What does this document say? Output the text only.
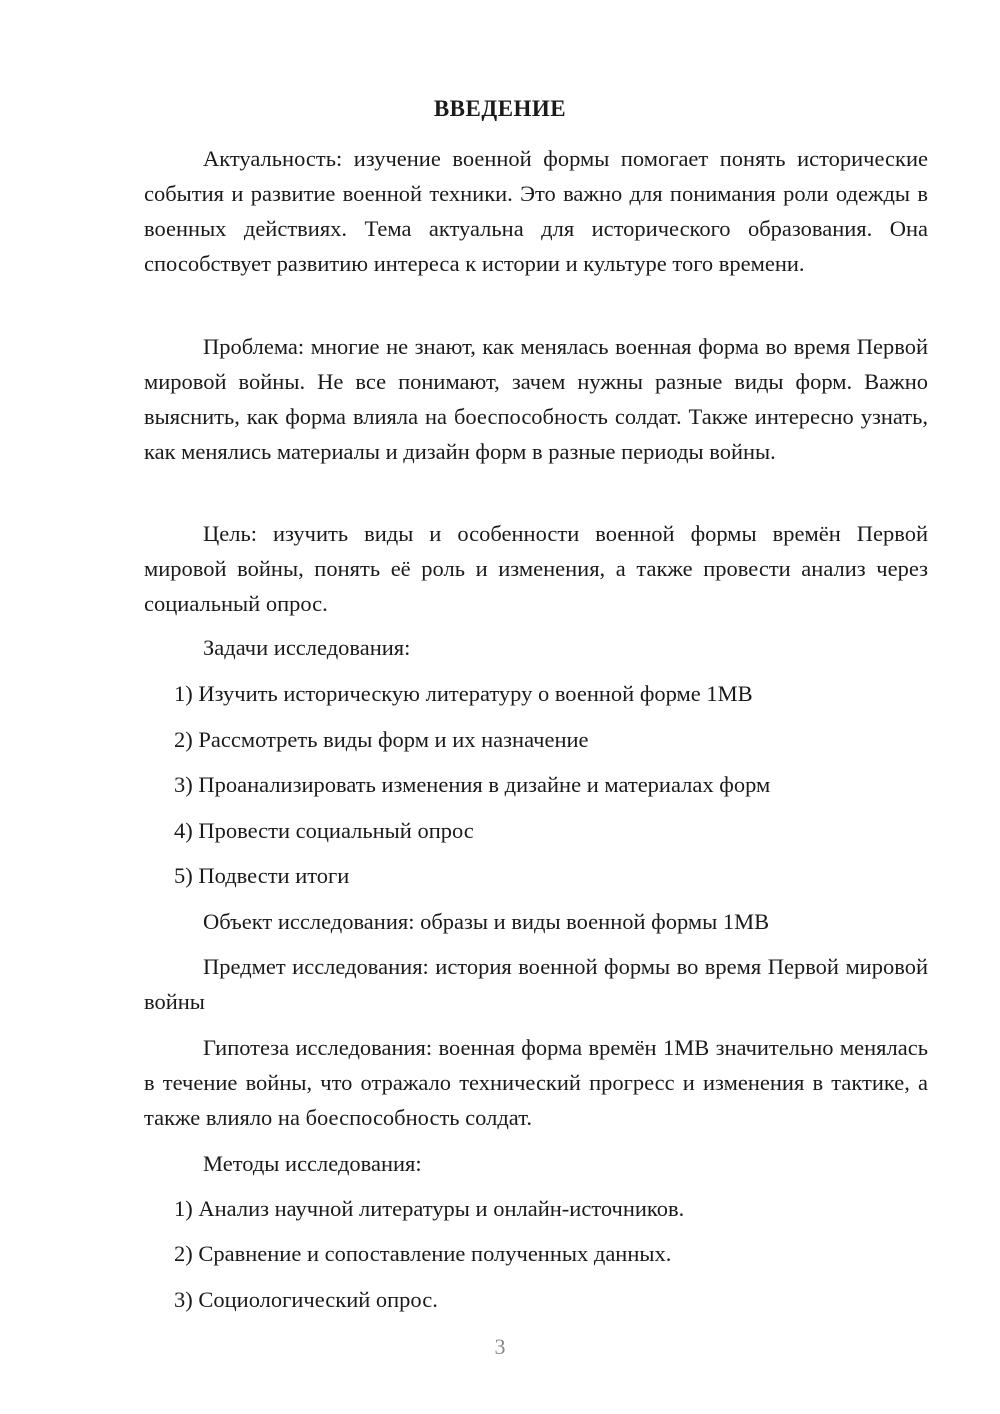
ВВЕДЕНИЕ

Актуальность: изучение военной формы помогает понять исторические события и развитие военной техники. Это важно для понимания роли одежды в военных действиях. Тема актуальна для исторического образования. Она способствует развитию интереса к истории и культуре того времени.

Проблема: многие не знают, как менялась военная форма во время Первой мировой войны. Не все понимают, зачем нужны разные виды форм. Важно выяснить, как форма влияла на боеспособность солдат. Также интересно узнать, как менялись материалы и дизайн форм в разные периоды войны.

Цель: изучить виды и особенности военной формы времён Первой мировой войны, понять её роль и изменения, а также провести анализ через социальный опрос.

Задачи исследования:

1) Изучить историческую литературу о военной форме 1МВ

2) Рассмотреть виды форм и их назначение

3) Проанализировать изменения в дизайне и материалах форм

4) Провести социальный опрос

5) Подвести итоги

Объект исследования: образы и виды военной формы 1МВ

Предмет исследования: история военной формы во время Первой мировой войны

Гипотеза исследования: военная форма времён 1МВ значительно менялась в течение войны, что отражало технический прогресс и изменения в тактике, а также влияло на боеспособность солдат.

Методы исследования:

1) Анализ научной литературы и онлайн-источников.

2) Сравнение и сопоставление полученных данных.

3) Социологический опрос.

3
